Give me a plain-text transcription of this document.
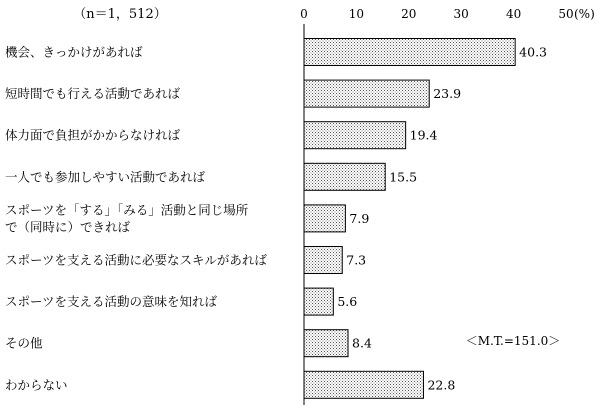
（n＝1，512）	(%)
0	10	20	30	40	50
機会、きっかけがあれば	40.3
短時間でも行える活動であれば	23.9
体力面で負担がかからなければ	19.4
一人でも参加しやすい活動であれば	15.5
スポーツを「する」「みる」活動と同じ場所で（同時に）できれば
7.9
スポーツを支える活動に必要なスキルがあれば	7.3
スポーツを支える活動の意味を知れば	5.6
その他	8.4
わからない	22.8
＜M.T.=151.0＞
